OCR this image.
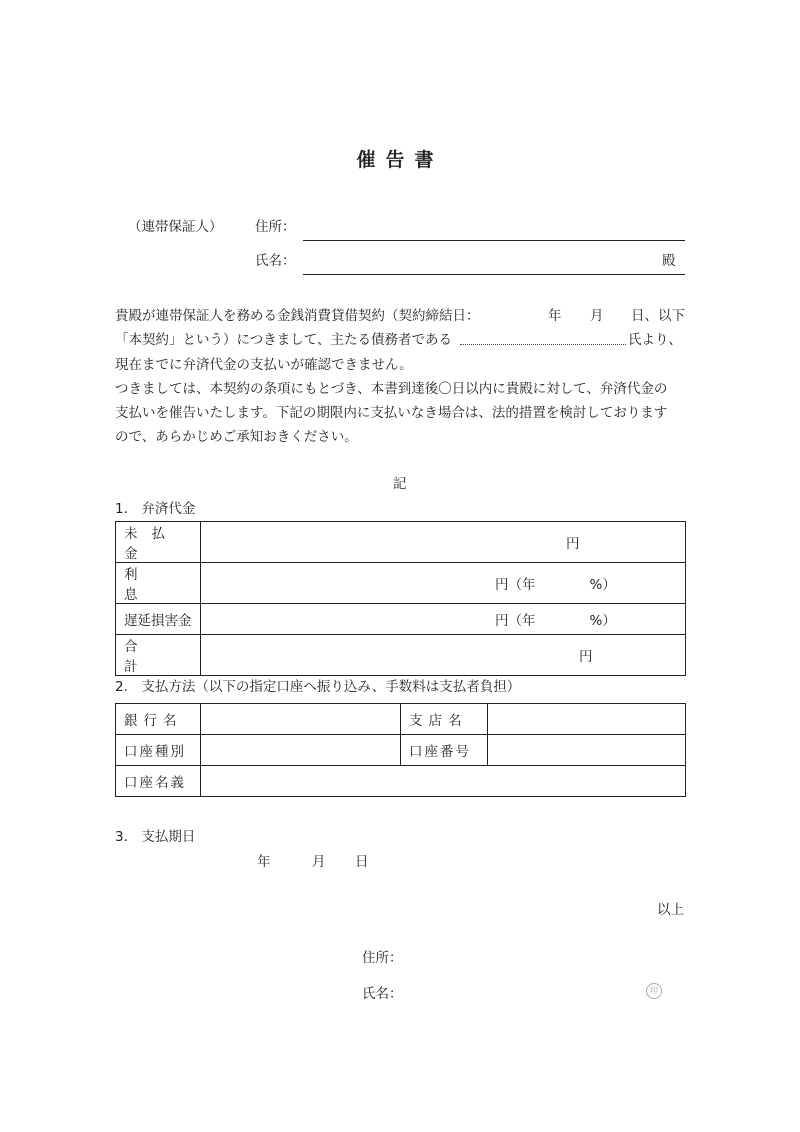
催告書
（連帯保証人） 住所：
氏名：	殿
貴殿が連帯保証人を務める金銭消費貸借契約（契約締結日：	年 月 日、以下
「本契約」という）につきまして、主たる債務者である	氏より、
現在までに弁済代金の支払いが確認できません。
つきましては、本契約の条項にもとづき、本書到達後〇日以内に貴殿に対して、弁済代金の
支払いを催告いたします。下記の期限内に支払いなき場合は、法的措置を検討しております
ので、あらかじめご承知おきください。
記
1.　弁済代金
未払金	円
利息	円（年　　　　%）
遅延損害金	円（年　　　　%）
合計	円
2.　支払方法（以下の指定口座へ振り込み、手数料は支払者負担）
銀行名		支店名	
口座種別		口座番号	
口座名義			
3.　支払期日
年	月 日
以上
住所：
氏名：	印
